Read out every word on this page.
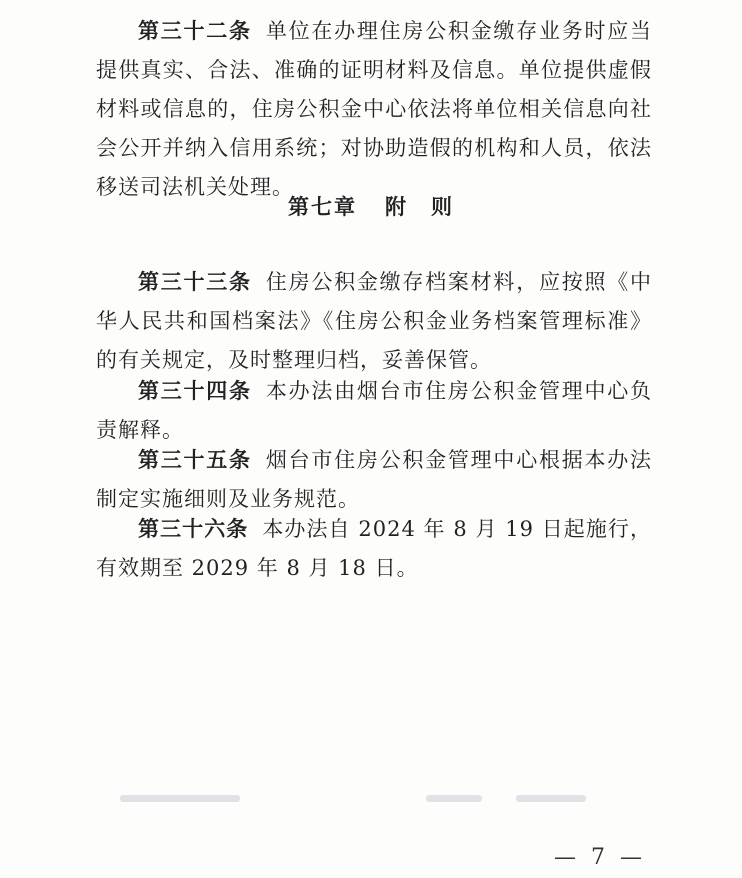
第三十二条 单位在办理住房公积金缴存业务时应当提供真实、合法、准确的证明材料及信息。单位提供虚假材料或信息的，住房公积金中心依法将单位相关信息向社会公开并纳入信用系统；对协助造假的机构和人员，依法移送司法机关处理。

第七章 附　则

第三十三条 住房公积金缴存档案材料，应按照《中华人民共和国档案法》《住房公积金业务档案管理标准》的有关规定，及时整理归档，妥善保管。

第三十四条 本办法由烟台市住房公积金管理中心负责解释。

第三十五条 烟台市住房公积金管理中心根据本办法制定实施细则及业务规范。

第三十六条 本办法自 2024 年 8 月 19 日起施行，有效期至 2029 年 8 月 18 日。

— 7 —
